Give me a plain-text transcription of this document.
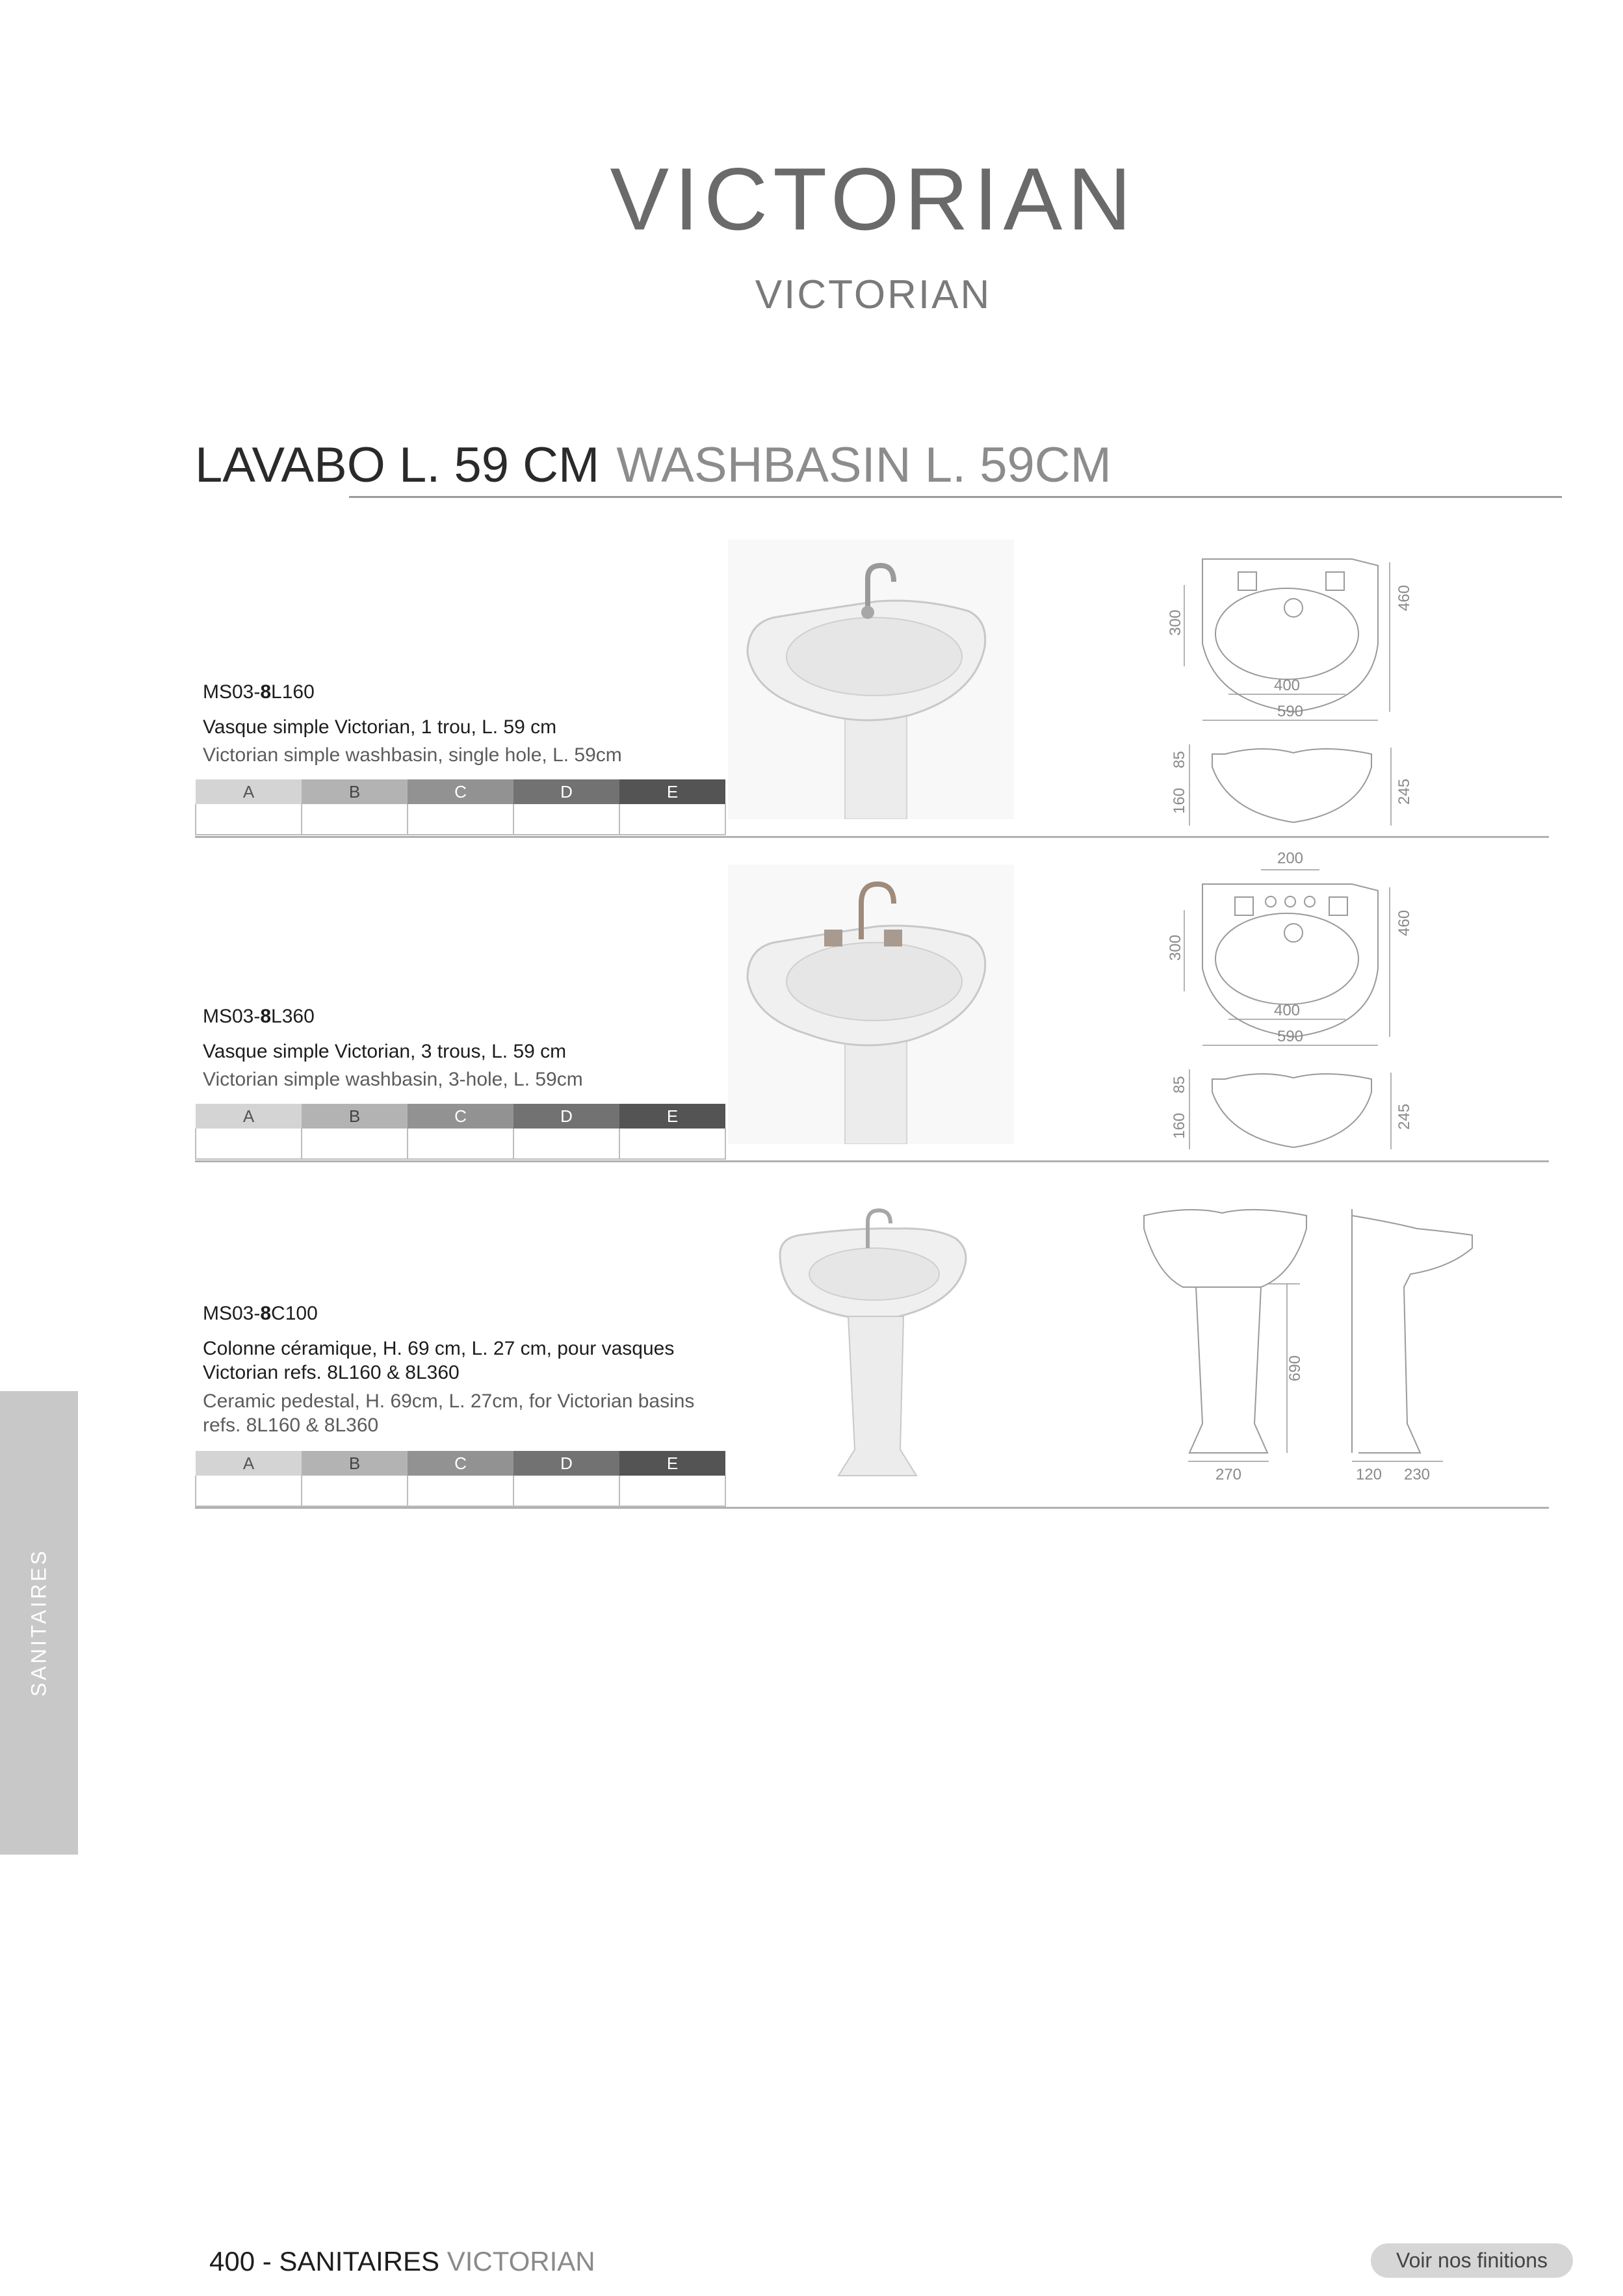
VICTORIAN
VICTORIAN
LAVABO L. 59 CM WASHBASIN L. 59CM
MS03-8L160
Vasque simple Victorian, 1 trou, L. 59 cm
Victorian simple washbasin, single hole, L. 59cm
A	B	C	D	E

300
460
400
590
85
160	245
MS03-8L360
Vasque simple Victorian, 3 trous, L. 59 cm
Victorian simple washbasin, 3-hole, L. 59cm
A	B	C	D	E

200
300
460
400
590
85
160	245
MS03-8C100
Colonne céramique, H. 69 cm, L. 27 cm, pour vasques
Victorian refs. 8L160 & 8L360
Ceramic pedestal, H. 69cm, L. 27cm, for Victorian basins
refs. 8L160 & 8L360
A	B	C	D	E

690
270	120 230
SANITAIRES
400 - SANITAIRES VICTORIAN	Voir nos finitions
